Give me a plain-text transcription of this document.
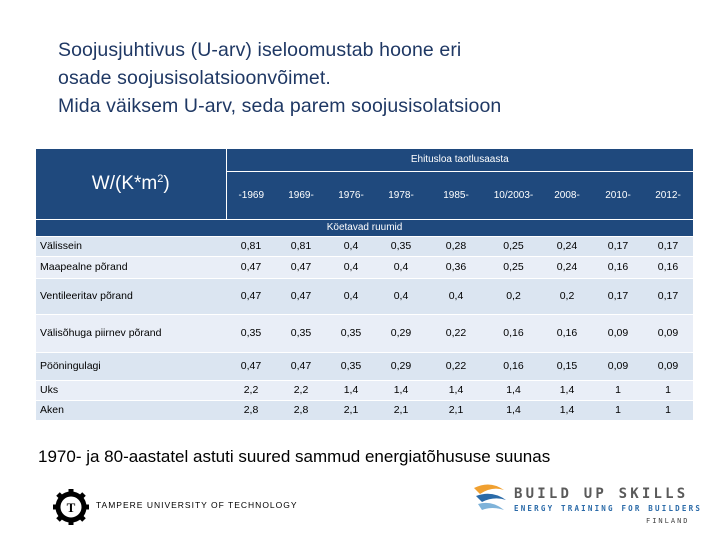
Soojusjuhtivus (U-arv) iseloomustab hoone eri
osade soojusisolatsioonvõimet.
Mida väiksem U-arv, seda parem soojusisolatsioon
$W/(K*m^2)$	Ehitusloa taotlusaasta								
	-1969	1969-	1976-	1978-	1985-	10/2003-	2008-	2010-	2012-
Köetavad ruumid									
Välissein	0,81	0,81	0,4	0,35	0,28	0,25	0,24	0,17	0,17
Maapealne põrand	0,47	0,47	0,4	0,4	0,36	0,25	0,24	0,16	0,16
Ventileeritav põrand	0,47	0,47	0,4	0,4	0,4	0,2	0,2	0,17	0,17
Välisõhuga piirnev põrand	0,35	0,35	0,35	0,29	0,22	0,16	0,16	0,09	0,09
Pööningulagi	0,47	0,47	0,35	0,29	0,22	0,16	0,15	0,09	0,09
Uks	2,2	2,2	1,4	1,4	1,4	1,4	1,4	1	1
Aken	2,8	2,8	2,1	2,1	2,1	1,4	1,4	1	1
1970- ja 80-aastatel astuti suured sammud energiatõhususe suunas
T TAMPERE UNIVERSITY OF TECHNOLOGY
BUILD UP SKILLS
ENERGY TRAINING FOR BUILDERS
FINLAND
